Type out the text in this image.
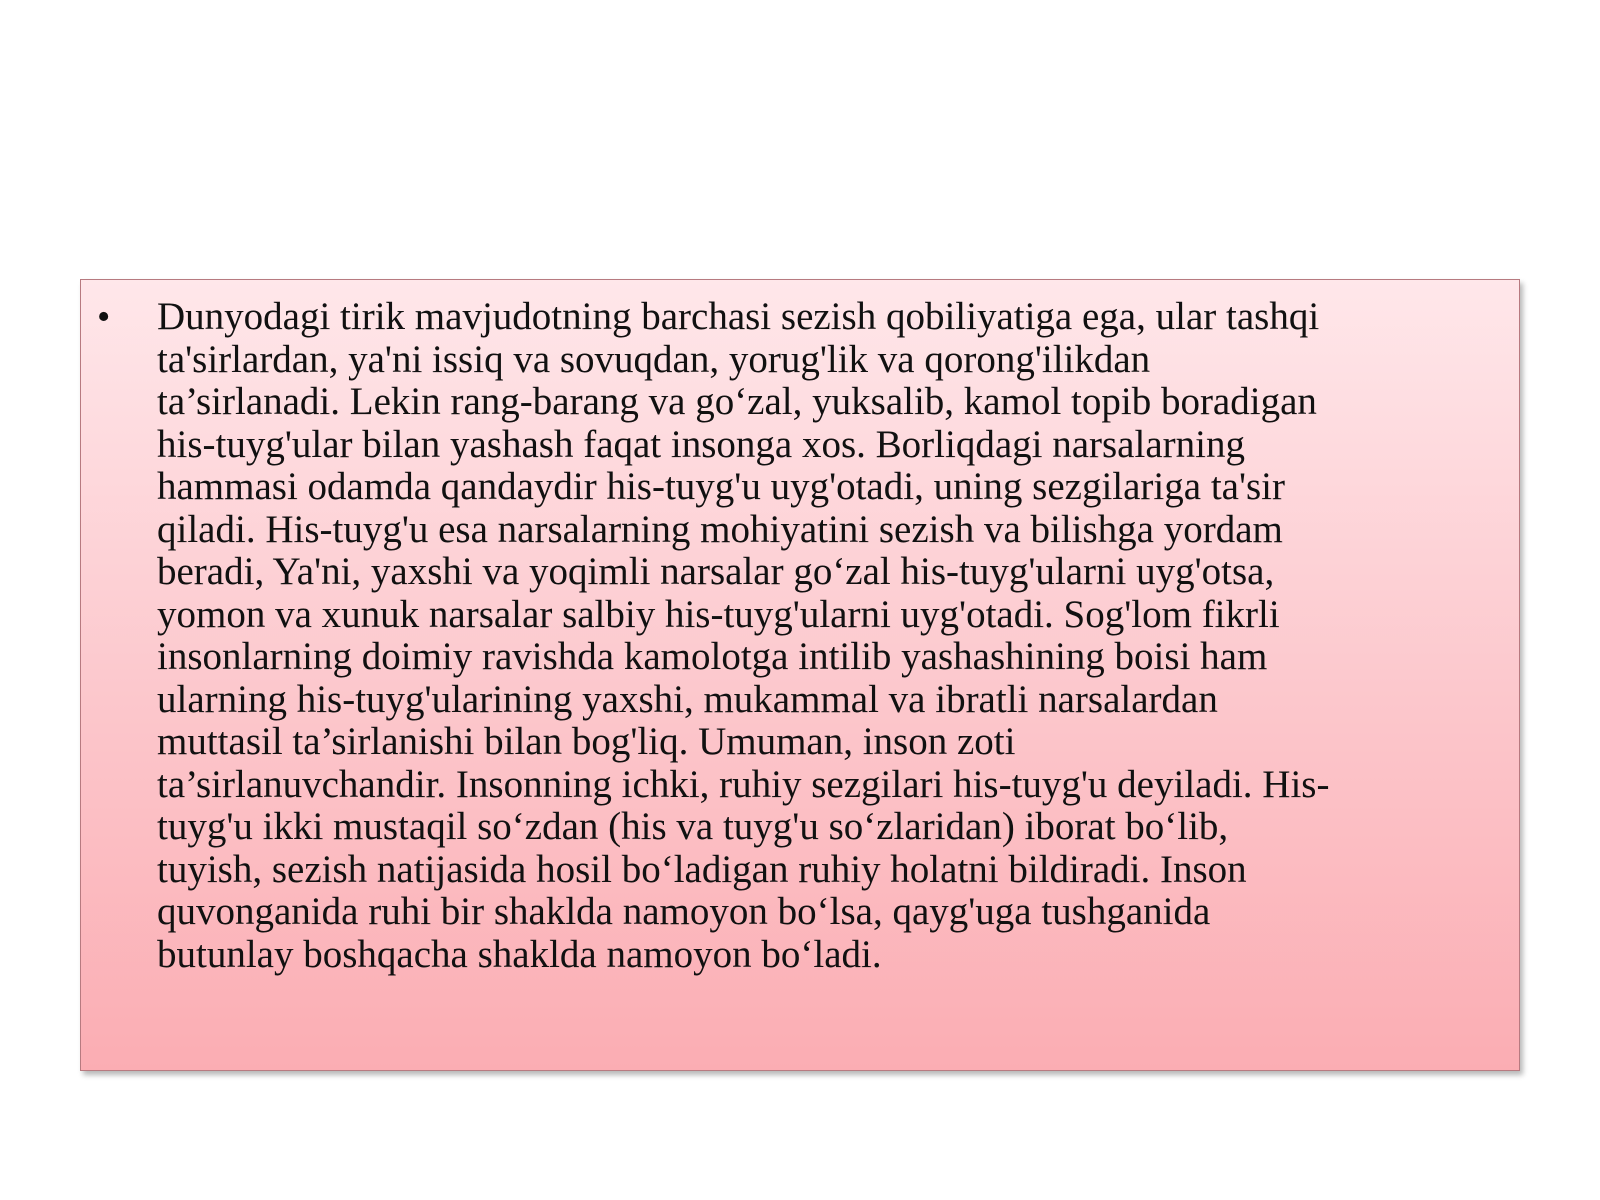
•	Dunyodagi tirik mavjudotning barchasi sezish qobiliyatiga ega, ular tashqi
ta'sirlardan, ya'ni issiq va sovuqdan, yorug'lik va qorong'ilikdan
ta’sirlanadi. Lekin rang-barang va go‘zal, yuksalib, kamol topib boradigan
his-tuyg'ular bilan yashash faqat insonga xos. Borliqdagi narsalarning
hammasi odamda qandaydir his-tuyg'u uyg'otadi, uning sezgilariga ta'sir
qiladi. His-tuyg'u esa narsalarning mohiyatini sezish va bilishga yordam
beradi, Ya'ni, yaxshi va yoqimli narsalar go‘zal his-tuyg'ularni uyg'otsa,
yomon va xunuk narsalar salbiy his-tuyg'ularni uyg'otadi. Sog'lom fikrli
insonlarning doimiy ravishda kamolotga intilib yashashining boisi ham
ularning his-tuyg'ularining yaxshi, mukammal va ibratli narsalardan
muttasil ta’sirlanishi bilan bog'liq. Umuman, inson zoti
ta’sirlanuvchandir. Insonning ichki, ruhiy sezgilari his-tuyg'u deyiladi. His-
tuyg'u ikki mustaqil so‘zdan (his va tuyg'u so‘zlaridan) iborat bo‘lib,
tuyish, sezish natijasida hosil bo‘ladigan ruhiy holatni bildiradi. Inson
quvonganida ruhi bir shaklda namoyon bo‘lsa, qayg'uga tushganida
butunlay boshqacha shaklda namoyon bo‘ladi.
